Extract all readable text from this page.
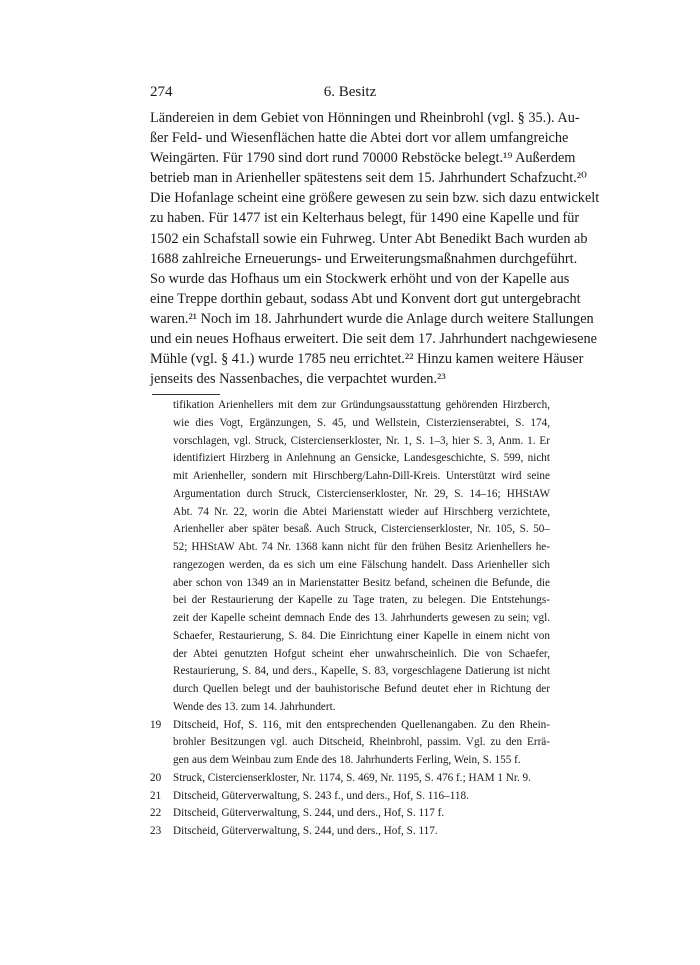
274	6. Besitz
Ländereien in dem Gebiet von Hönningen und Rheinbrohl (vgl. § 35.). Au-
ßer Feld- und Wiesenflächen hatte die Abtei dort vor allem umfangreiche
Weingärten. Für 1790 sind dort rund 70000 Rebstöcke belegt.¹⁹ Außerdem
betrieb man in Arienheller spätestens seit dem 15. Jahrhundert Schafzucht.²⁰
Die Hofanlage scheint eine größere gewesen zu sein bzw. sich dazu entwickelt
zu haben. Für 1477 ist ein Kelterhaus belegt, für 1490 eine Kapelle und für
1502 ein Schafstall sowie ein Fuhrweg. Unter Abt Benedikt Bach wurden ab
1688 zahlreiche Erneuerungs- und Erweiterungsmaßnahmen durchgeführt.
So wurde das Hofhaus um ein Stockwerk erhöht und von der Kapelle aus
eine Treppe dorthin gebaut, sodass Abt und Konvent dort gut untergebracht
waren.²¹ Noch im 18. Jahrhundert wurde die Anlage durch weitere Stallungen
und ein neues Hofhaus erweitert. Die seit dem 17. Jahrhundert nachgewiesene
Mühle (vgl. § 41.) wurde 1785 neu errichtet.²² Hinzu kamen weitere Häuser
jenseits des Nassenbaches, die verpachtet wurden.²³
tifikation Arienhellers mit dem zur Gründungsausstattung gehörenden Hirzberch,
wie dies Vogt, Ergänzungen, S. 45, und Wellstein, Cisterzienserabtei, S. 174,
vorschlagen, vgl. Struck, Cistercienserkloster, Nr. 1, S. 1–3, hier S. 3, Anm. 1. Er
identifiziert Hirzberg in Anlehnung an Gensicke, Landesgeschichte, S. 599, nicht
mit Arienheller, sondern mit Hirschberg/Lahn-Dill-Kreis. Unterstützt wird seine
Argumentation durch Struck, Cistercienserkloster, Nr. 29, S. 14–16; HHStAW
Abt. 74 Nr. 22, worin die Abtei Marienstatt wieder auf Hirschberg verzichtete,
Arienheller aber später besaß. Auch Struck, Cistercienserkloster, Nr. 105, S. 50–
52; HHStAW Abt. 74 Nr. 1368 kann nicht für den frühen Besitz Arienhellers he-
rangezogen werden, da es sich um eine Fälschung handelt. Dass Arienheller sich
aber schon von 1349 an in Marienstatter Besitz befand, scheinen die Befunde, die
bei der Restaurierung der Kapelle zu Tage traten, zu belegen. Die Entstehungs-
zeit der Kapelle scheint demnach Ende des 13. Jahrhunderts gewesen zu sein; vgl.
Schaefer, Restaurierung, S. 84. Die Einrichtung einer Kapelle in einem nicht von
der Abtei genutzten Hofgut scheint eher unwahrscheinlich. Die von Schaefer,
Restaurierung, S. 84, und ders., Kapelle, S. 83, vorgeschlagene Datierung ist nicht
durch Quellen belegt und der bauhistorische Befund deutet eher in Richtung der
Wende des 13. zum 14. Jahrhundert.
19 Ditscheid, Hof, S. 116, mit den entsprechenden Quellenangaben. Zu den Rhein-
brohler Besitzungen vgl. auch Ditscheid, Rheinbrohl, passim. Vgl. zu den Errä-
gen aus dem Weinbau zum Ende des 18. Jahrhunderts Ferling, Wein, S. 155 f.
20 Struck, Cistercienserkloster, Nr. 1174, S. 469, Nr. 1195, S. 476 f.; HAM 1 Nr. 9.
21 Ditscheid, Güterverwaltung, S. 243 f., und ders., Hof, S. 116–118.
22 Ditscheid, Güterverwaltung, S. 244, und ders., Hof, S. 117 f.
23 Ditscheid, Güterverwaltung, S. 244, und ders., Hof, S. 117.
